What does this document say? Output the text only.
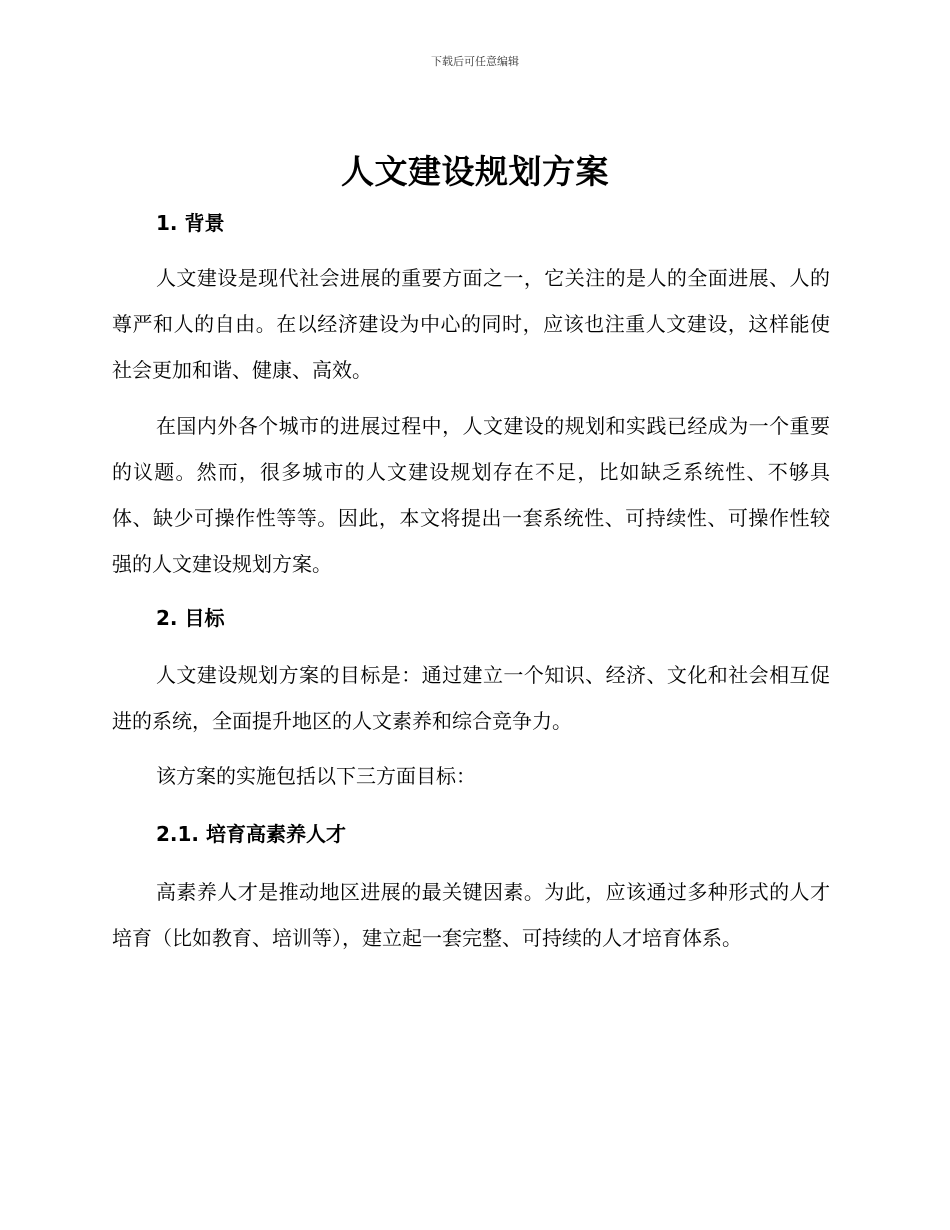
下载后可任意编辑
人文建设规划方案
1. 背景

人文建设是现代社会进展的重要方面之一，它关注的是人的全面进展、人的尊严和人的自由。在以经济建设为中心的同时，应该也注重人文建设，这样能使社会更加和谐、健康、高效。

在国内外各个城市的进展过程中，人文建设的规划和实践已经成为一个重要的议题。然而，很多城市的人文建设规划存在不足，比如缺乏系统性、不够具体、缺少可操作性等等。因此，本文将提出一套系统性、可持续性、可操作性较强的人文建设规划方案。

2. 目标

人文建设规划方案的目标是：通过建立一个知识、经济、文化和社会相互促进的系统，全面提升地区的人文素养和综合竞争力。

该方案的实施包括以下三方面目标：

2.1. 培育高素养人才

高素养人才是推动地区进展的最关键因素。为此，应该通过多种形式的人才培育（比如教育、培训等），建立起一套完整、可持续的人才培育体系。
